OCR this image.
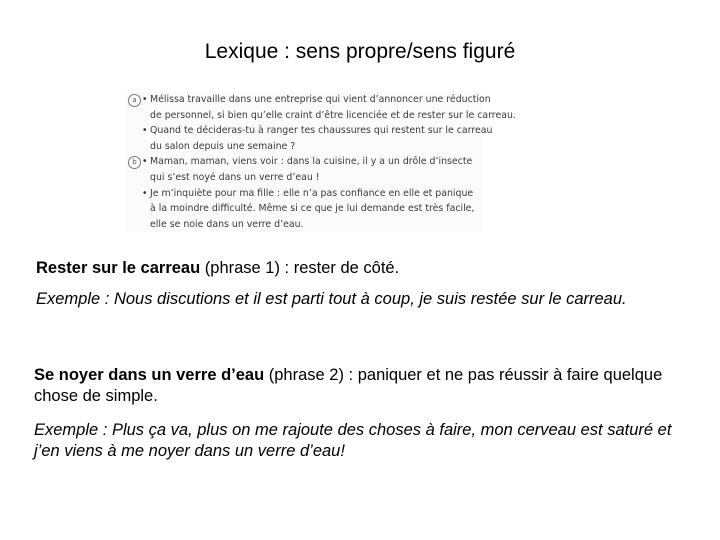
Lexique : sens propre/sens figuré
a	• Mélissa travaille dans une entreprise qui vient d’annoncer une réduction

de personnel, si bien qu’elle craint d’être licenciée et de rester sur le carreau.

• Quand te décideras-tu à ranger tes chaussures qui restent sur le carreau

du salon depuis une semaine ?

b	• Maman, maman, viens voir : dans la cuisine, il y a un drôle d’insecte

qui s’est noyé dans un verre d’eau !

• Je m’inquiète pour ma fille : elle n’a pas confiance en elle et panique

à la moindre difficulté. Même si ce que je lui demande est très facile,

elle se noie dans un verre d’eau.

Rester sur le carreau (phrase 1) : rester de côté.
Exemple : Nous discutions et il est parti tout à coup, je suis restée sur le carreau.
Se noyer dans un verre d’eau (phrase 2) : paniquer et ne pas réussir à faire quelque chose de simple.
Exemple : Plus ça va, plus on me rajoute des choses à faire, mon cerveau est saturé et j’en viens à me noyer dans un verre d’eau!
